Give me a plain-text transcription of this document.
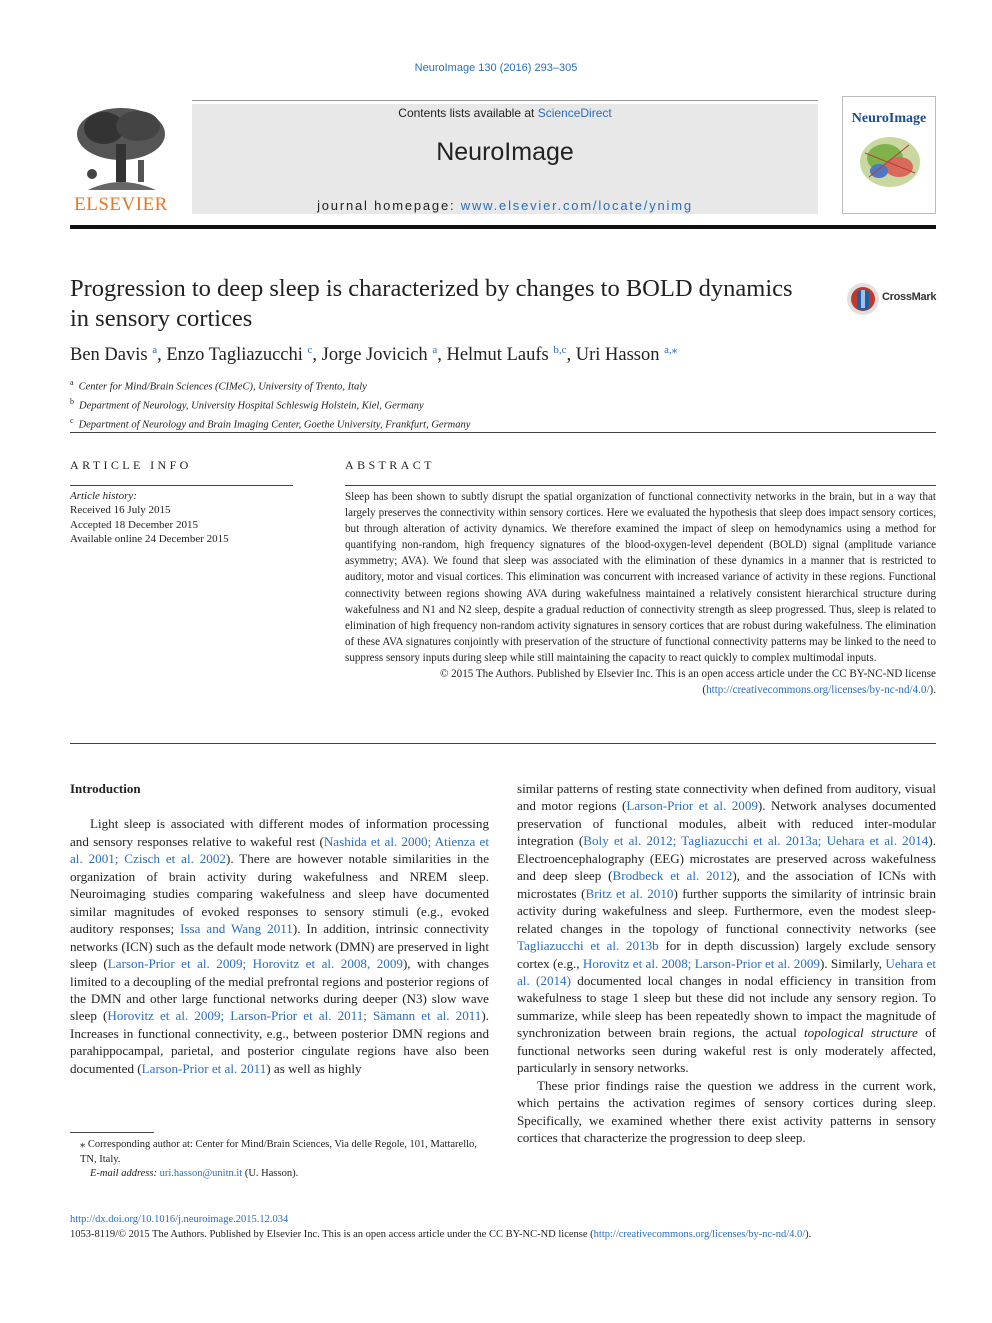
NeuroImage 130 (2016) 293–305
ELSEVIER
Contents lists available at ScienceDirect
NeuroImage
journal homepage: www.elsevier.com/locate/ynimg
NeuroImage
Progression to deep sleep is characterized by changes to BOLD dynamics in sensory cortices
CrossMark
Ben Davis $^a$, Enzo Tagliazucchi $^c$, Jorge Jovicich $^a$, Helmut Laufs $^{b,c}$, Uri Hasson $^{a,⁎}$
$^a$ Center for Mind/Brain Sciences (CIMeC), University of Trento, Italy
$^b$ Department of Neurology, University Hospital Schleswig Holstein, Kiel, Germany
$^c$ Department of Neurology and Brain Imaging Center, Goethe University, Frankfurt, Germany
ARTICLE INFO	ABSTRACT
Article history:
Received 16 July 2015
Accepted 18 December 2015
Available online 24 December 2015
Sleep has been shown to subtly disrupt the spatial organization of functional connectivity networks in the brain, but in a way that largely preserves the connectivity within sensory cortices. Here we evaluated the hypothesis that sleep does impact sensory cortices, but through alteration of activity dynamics. We therefore examined the impact of sleep on hemodynamics using a method for quantifying non-random, high frequency signatures of the blood-oxygen-level dependent (BOLD) signal (amplitude variance asymmetry; AVA). We found that sleep was associated with the elimination of these dynamics in a manner that is restricted to auditory, motor and visual cortices. This elimination was concurrent with increased variance of activity in these regions. Functional connectivity between regions showing AVA during wakefulness maintained a relatively consistent hierarchical structure during wakefulness and N1 and N2 sleep, despite a gradual reduction of connectivity strength as sleep progressed. Thus, sleep is related to elimination of high frequency non-random activity signatures in sensory cortices that are robust during wakefulness. The elimination of these AVA signatures conjointly with preservation of the structure of functional connectivity patterns may be linked to the need to suppress sensory inputs during sleep while still maintaining the capacity to react quickly to complex multimodal inputs.
© 2015 The Authors. Published by Elsevier Inc. This is an open access article under the CC BY-NC-ND license
(http://creativecommons.org/licenses/by-nc-nd/4.0/).
Introduction

Light sleep is associated with different modes of information processing and sensory responses relative to wakeful rest (Nashida et al. 2000; Atienza et al. 2001; Czisch et al. 2002). There are however notable similarities in the organization of brain activity during wakefulness and NREM sleep. Neuroimaging studies comparing wakefulness and sleep have documented similar magnitudes of evoked responses to sensory stimuli (e.g., evoked auditory responses; Issa and Wang 2011). In addition, intrinsic connectivity networks (ICN) such as the default mode network (DMN) are preserved in light sleep (Larson-Prior et al. 2009; Horovitz et al. 2008, 2009), with changes limited to a decoupling of the medial prefrontal regions and posterior regions of the DMN and other large functional networks during deeper (N3) slow wave sleep (Horovitz et al. 2009; Larson-Prior et al. 2011; Sämann et al. 2011). Increases in functional connectivity, e.g., between posterior DMN regions and parahippocampal, parietal, and posterior cingulate regions have also been documented (Larson-Prior et al. 2011) as well as highly

similar patterns of resting state connectivity when defined from auditory, visual and motor regions (Larson-Prior et al. 2009). Network analyses documented preservation of functional modules, albeit with reduced inter-modular integration (Boly et al. 2012; Tagliazucchi et al. 2013a; Uehara et al. 2014). Electroencephalography (EEG) microstates are preserved across wakefulness and deep sleep (Brodbeck et al. 2012), and the association of ICNs with microstates (Britz et al. 2010) further supports the similarity of intrinsic brain activity during wakefulness and sleep. Furthermore, even the modest sleep-related changes in the topology of functional connectivity networks (see Tagliazucchi et al. 2013b for in depth discussion) largely exclude sensory cortex (e.g., Horovitz et al. 2008; Larson-Prior et al. 2009). Similarly, Uehara et al. (2014) documented local changes in nodal efficiency in transition from wakefulness to stage 1 sleep but these did not include any sensory region. To summarize, while sleep has been repeatedly shown to impact the magnitude of synchronization between brain regions, the actual topological structure of functional networks seen during wakeful rest is only moderately affected, particularly in sensory networks.

These prior findings raise the question we address in the current work, which pertains the activation regimes of sensory cortices during sleep. Specifically, we examined whether there exist activity patterns in sensory cortices that characterize the progression to deep sleep.

⁎ Corresponding author at: Center for Mind/Brain Sciences, Via delle Regole, 101, Mattarello, TN, Italy.
E-mail address: uri.hasson@unitn.it (U. Hasson).
http://dx.doi.org/10.1016/j.neuroimage.2015.12.034
1053-8119/© 2015 The Authors. Published by Elsevier Inc. This is an open access article under the CC BY-NC-ND license (http://creativecommons.org/licenses/by-nc-nd/4.0/).
